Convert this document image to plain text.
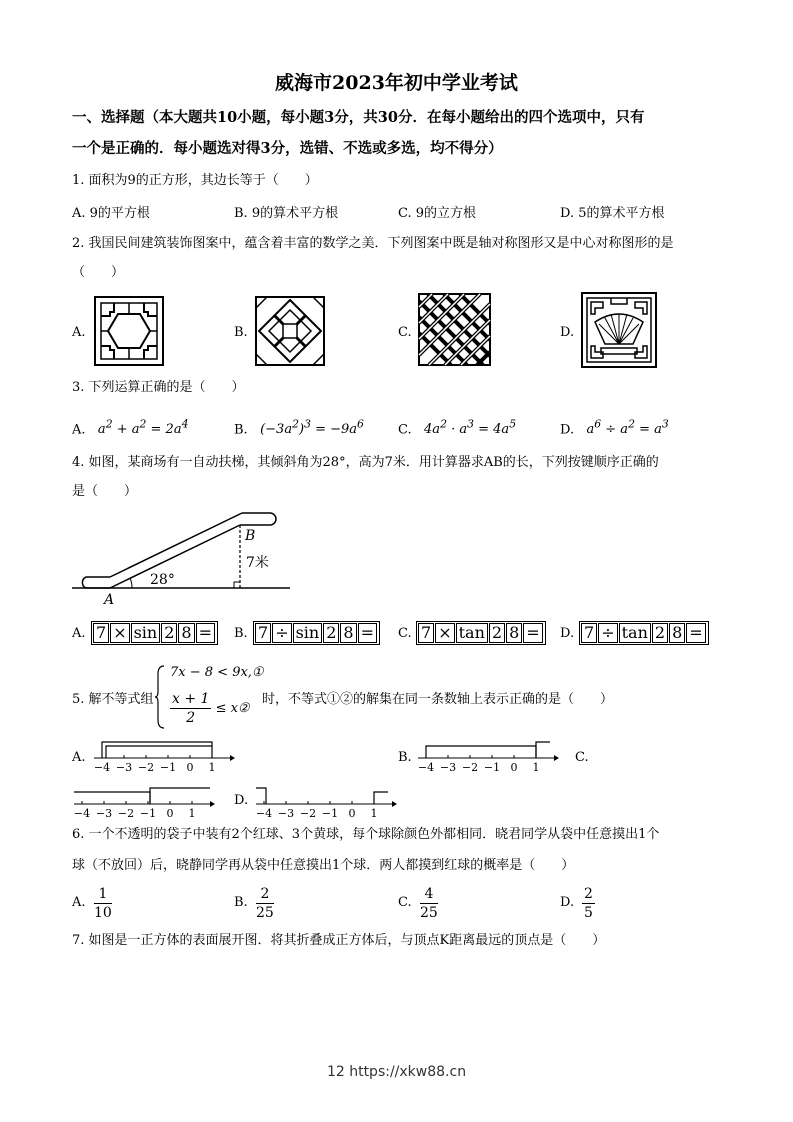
威海市2023年初中学业考试
一、选择题（本大题共10小题，每小题3分，共30分．在每小题给出的四个选项中，只有
一个是正确的．每小题选对得3分，选错、不选或多选，均不得分）
1. 面积为9的正方形，其边长等于（　　）
A. 9的平方根	B. 9的算术平方根	C. 9的立方根	D. 5的算术平方根
2. 我国民间建筑装饰图案中，蕴含着丰富的数学之美．下列图案中既是轴对称图形又是中心对称图形的是
（　　）
A.	B.	C.	D.
3. 下列运算正确的是（　　）
A.   $a^2 + a^2 = 2a^4$	B.   $(-3a^2)^3 = -9a^6$	C.   $4a^2 \cdot a^3 = 4a^5$	D.   $a^6 \div a^2 = a^3$
4. 如图，某商场有一自动扶梯，其倾斜角为28°，高为7米．用计算器求AB的长，下列按键顺序正确的
是（　　）
28°
7米
A
B
A. 7 × sin 2 8 =	B. 7 ÷ sin 2 8 =	C. 7 × tan 2 8 =	D. 7 ÷ tan 2 8 =
5. 解不等式组
7x − 8 < 9x,①
$\frac{x + 1}{2}$ ≤ x②
时，不等式①②的解集在同一条数轴上表示正确的是（　　）
A.
−4 −3 −2 −1 0 1
B.
−4 −3 −2 −1 0 1
C.
−4 −3 −2 −1 0 1
D.
−4 −3 −2 −1 0 1
6. 一个不透明的袋子中装有2个红球、3个黄球，每个球除颜色外都相同．晓君同学从袋中任意摸出1个
球（不放回）后，晓静同学再从袋中任意摸出1个球．两人都摸到红球的概率是（　　）
A. $\frac{1}{10}$	B. $\frac{2}{25}$	C. $\frac{4}{25}$	D. $\frac{2}{5}$
7. 如图是一正方体的表面展开图．将其折叠成正方体后，与顶点K距离最远的顶点是（　　）
12 https://xkw88.cn
